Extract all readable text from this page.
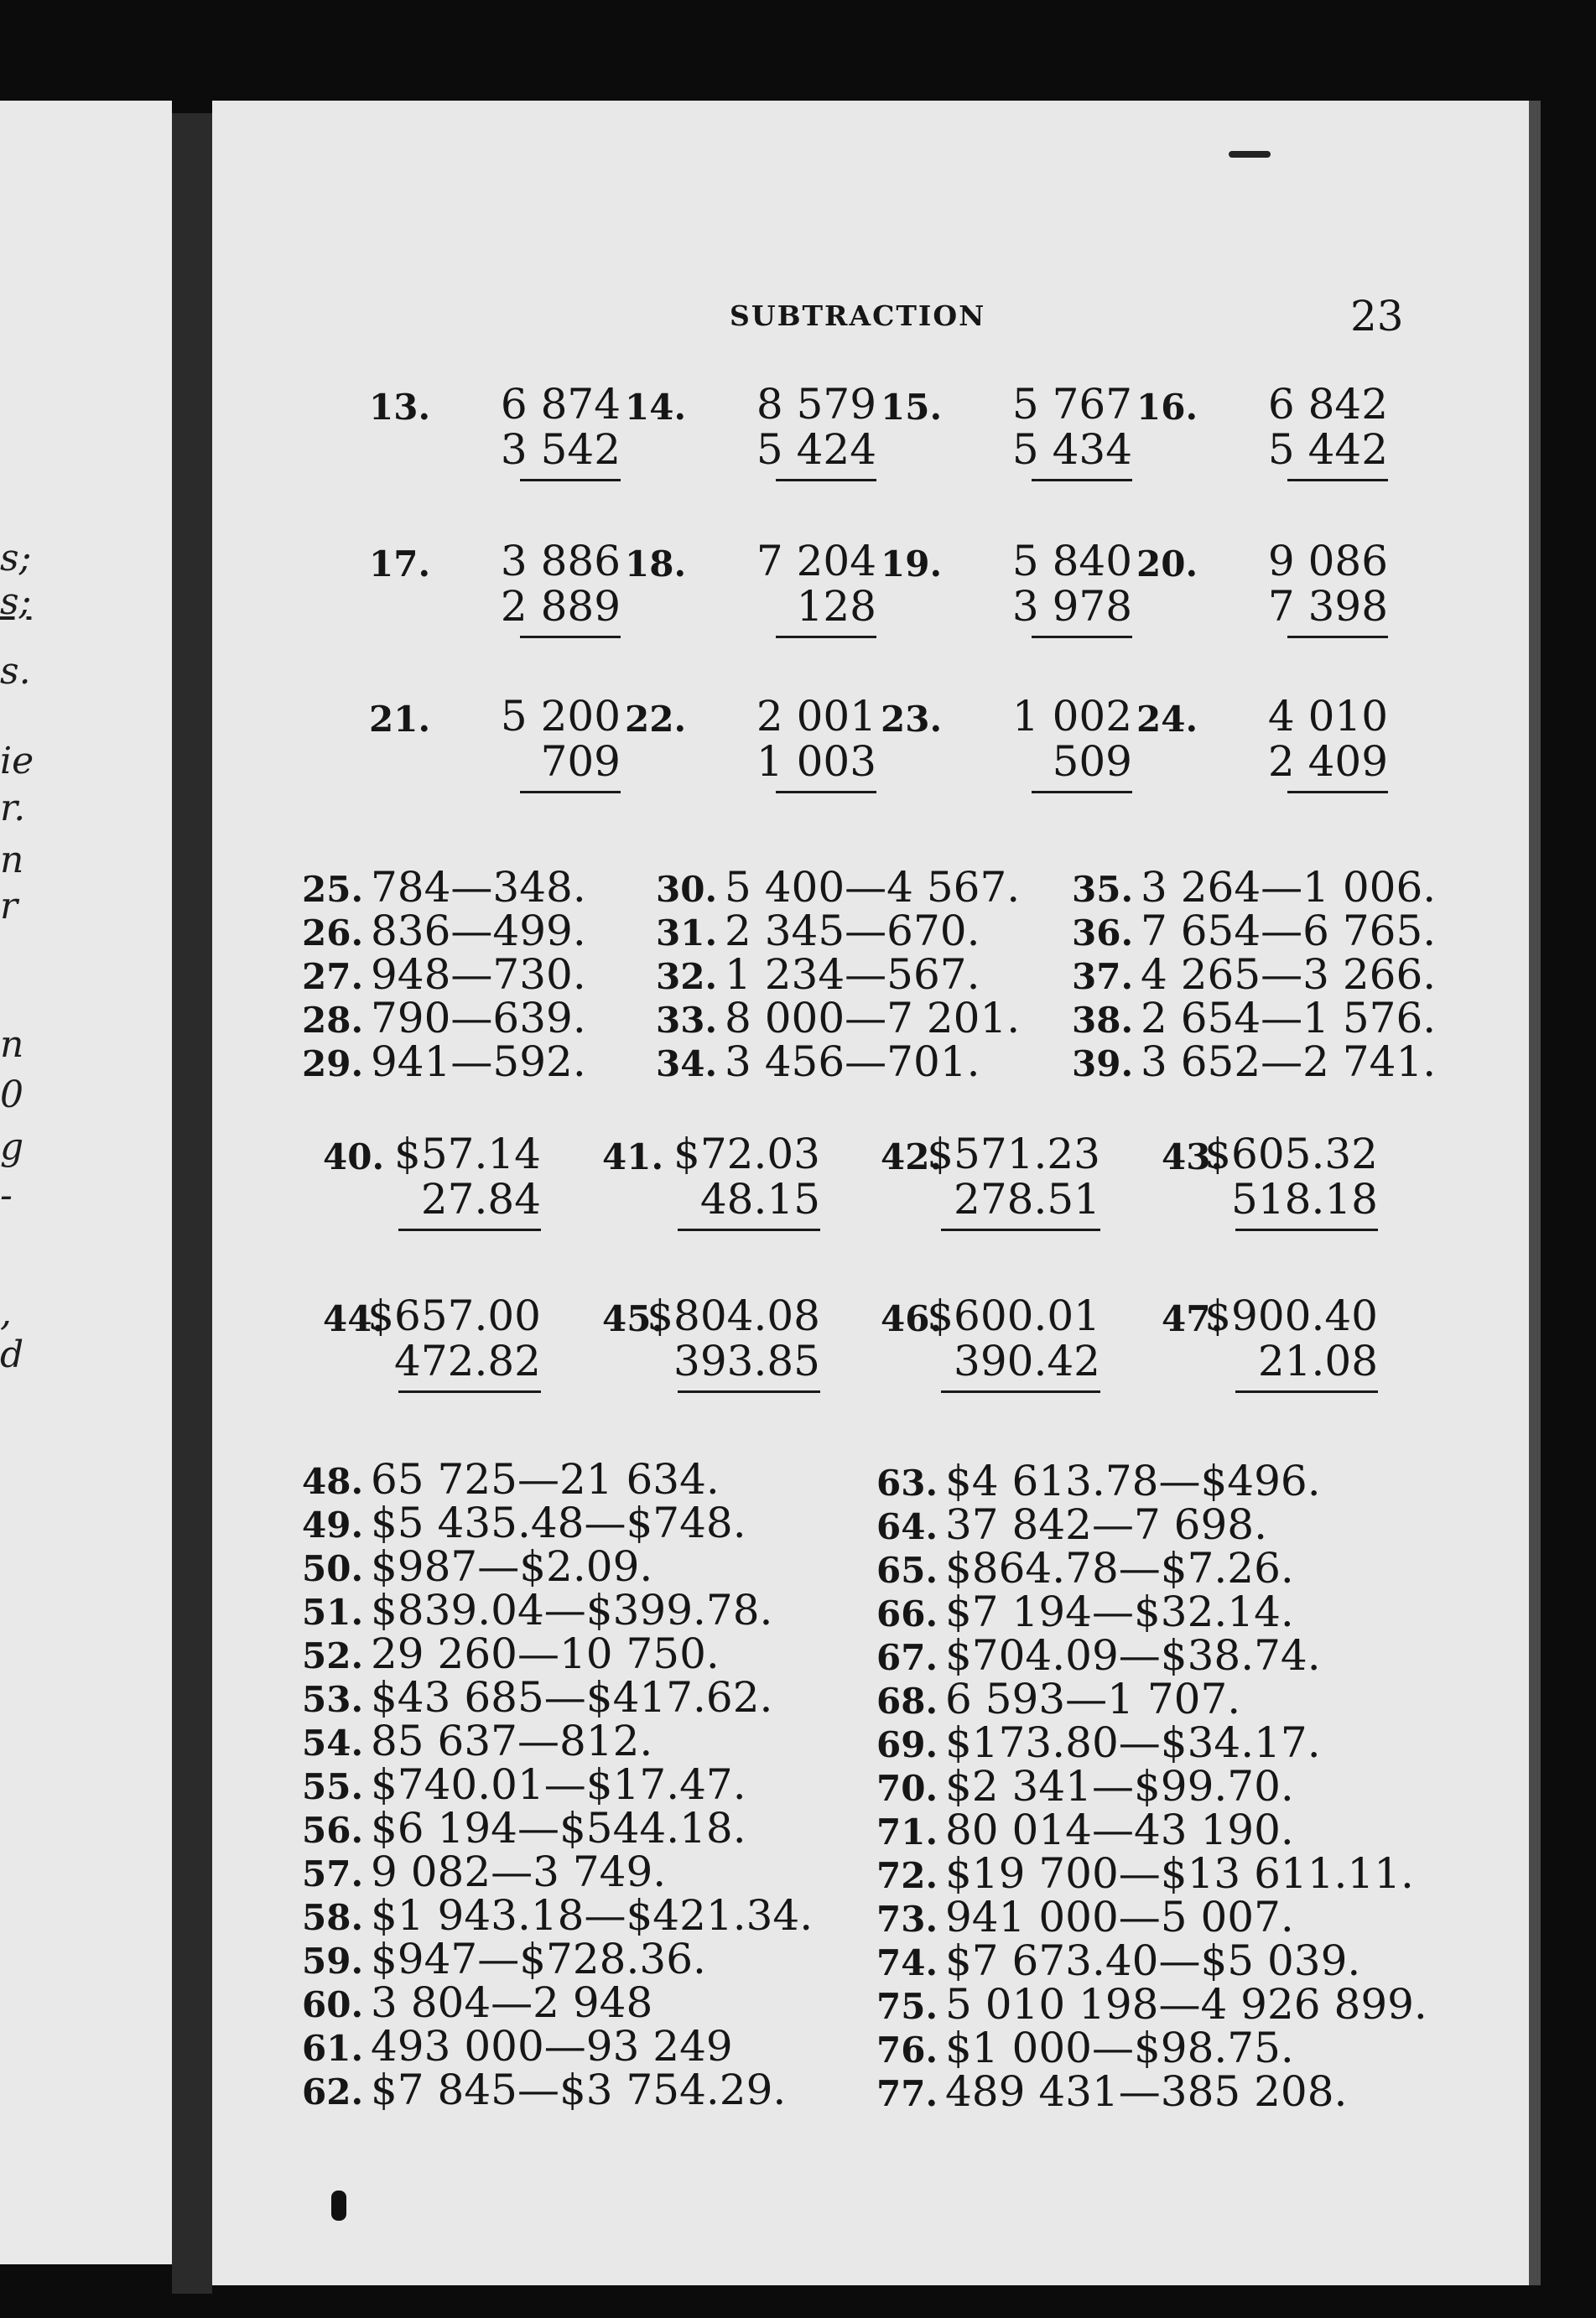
s;
s;
s.
ie
r.
n
r
n
0
g
-
,
d
SUBTRACTION	23
13. 6 874
3 542
14. 8 579
5 424
15. 5 767
5 434
16. 6 842
5 442
17. 3 886
2 889
18. 7 204
128
19. 5 840
3 978
20. 9 086
7 398
21. 5 200
709
22. 2 001
1 003
23. 1 002
509
24. 4 010
2 409
25. 784—348.
26. 836—499.
27. 948—730.
28. 790—639.
29. 941—592.
30. 5 400—4 567.
31. 2 345—670.
32. 1 234—567.
33. 8 000—7 201.
34. 3 456—701.
35. 3 264—1 006.
36. 7 654—6 765.
37. 4 265—3 266.
38. 2 654—1 576.
39. 3 652—2 741.
40. $57.14
27.84
41. $72.03
48.15
42.
$571.23
278.51
43.
$605.32
518.18
44.
$657.00
472.82
45.
$804.08
393.85
46.
$600.01
390.42
47.
$900.40
21.08
48. 65 725—21 634.
49. $5 435.48—$748.
50. $987—$2.09.
51. $839.04—$399.78.
52. 29 260—10 750.
53. $43 685—$417.62.
54. 85 637—812.
55. $740.01—$17.47.
56. $6 194—$544.18.
57. 9 082—3 749.
58. $1 943.18—$421.34.
59. $947—$728.36.
60. 3 804—2 948
61. 493 000—93 249
62. $7 845—$3 754.29.
63. $4 613.78—$496.
64. 37 842—7 698.
65. $864.78—$7.26.
66. $7 194—$32.14.
67. $704.09—$38.74.
68. 6 593—1 707.
69. $173.80—$34.17.
70. $2 341—$99.70.
71. 80 014—43 190.
72. $19 700—$13 611.11.
73. 941 000—5 007.
74. $7 673.40—$5 039.
75. 5 010 198—4 926 899.
76. $1 000—$98.75.
77. 489 431—385 208.
